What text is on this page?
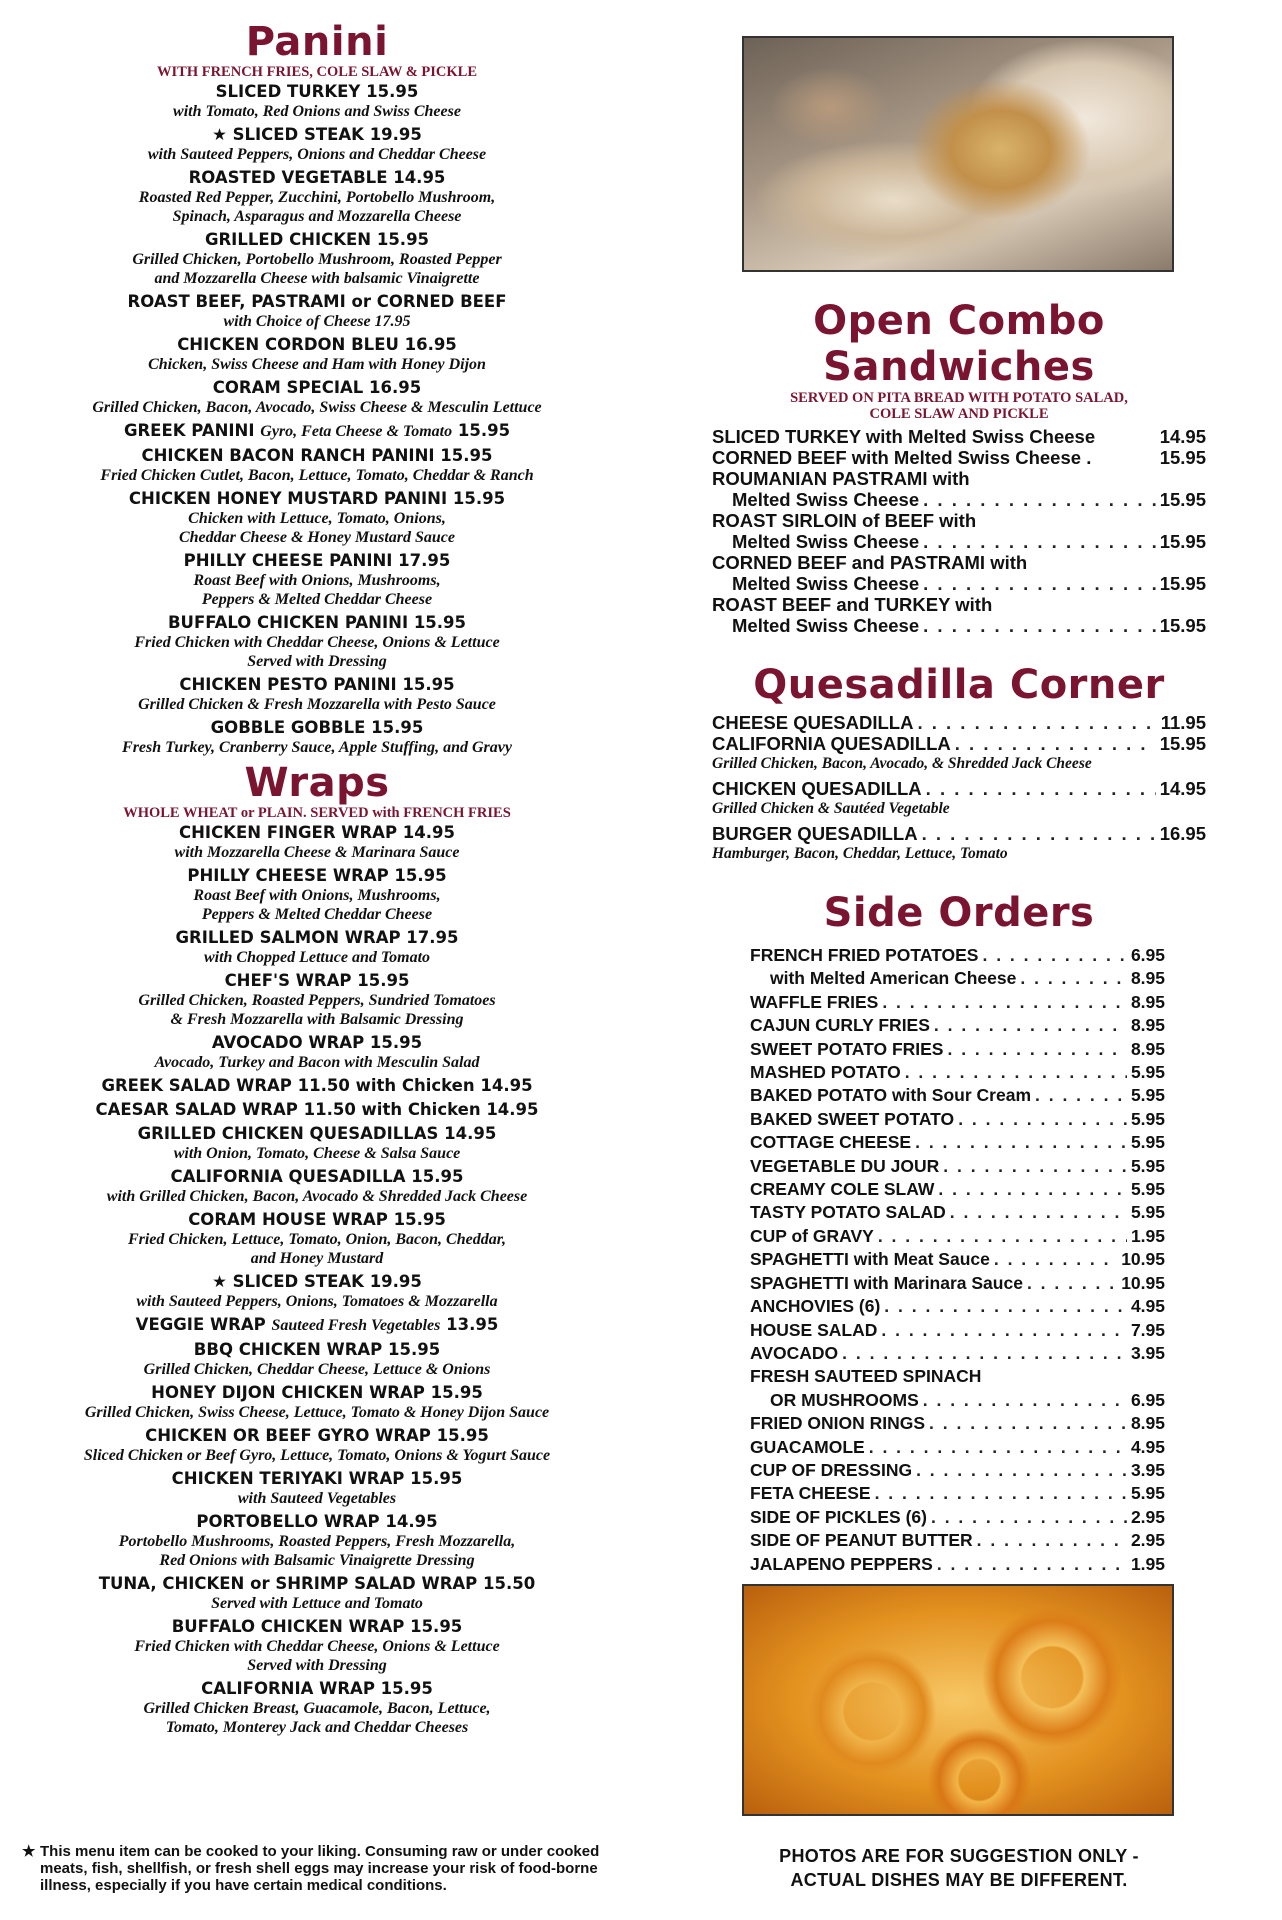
Panini
WITH FRENCH FRIES, COLE SLAW & PICKLE
SLICED TURKEY 15.95
with Tomato, Red Onions and Swiss Cheese
★ SLICED STEAK 19.95
with Sauteed Peppers, Onions and Cheddar Cheese
ROASTED VEGETABLE 14.95
Roasted Red Pepper, Zucchini, Portobello Mushroom,
Spinach, Asparagus and Mozzarella Cheese
GRILLED CHICKEN 15.95
Grilled Chicken, Portobello Mushroom, Roasted Pepper
and Mozzarella Cheese with balsamic Vinaigrette
ROAST BEEF, PASTRAMI or CORNED BEEF
with Choice of Cheese 17.95
CHICKEN CORDON BLEU 16.95
Chicken, Swiss Cheese and Ham with Honey Dijon
CORAM SPECIAL 16.95
Grilled Chicken, Bacon, Avocado, Swiss Cheese & Mesculin Lettuce
GREEK PANINI Gyro, Feta Cheese & Tomato 15.95
CHICKEN BACON RANCH PANINI 15.95
Fried Chicken Cutlet, Bacon, Lettuce, Tomato, Cheddar & Ranch
CHICKEN HONEY MUSTARD PANINI 15.95
Chicken with Lettuce, Tomato, Onions,
Cheddar Cheese & Honey Mustard Sauce
PHILLY CHEESE PANINI 17.95
Roast Beef with Onions, Mushrooms,
Peppers & Melted Cheddar Cheese
BUFFALO CHICKEN PANINI 15.95
Fried Chicken with Cheddar Cheese, Onions & Lettuce
Served with Dressing
CHICKEN PESTO PANINI 15.95
Grilled Chicken & Fresh Mozzarella with Pesto Sauce
GOBBLE GOBBLE 15.95
Fresh Turkey, Cranberry Sauce, Apple Stuffing, and Gravy
Wraps
WHOLE WHEAT or PLAIN. SERVED with FRENCH FRIES
CHICKEN FINGER WRAP 14.95
with Mozzarella Cheese & Marinara Sauce
PHILLY CHEESE WRAP 15.95
Roast Beef with Onions, Mushrooms,
Peppers & Melted Cheddar Cheese
GRILLED SALMON WRAP 17.95
with Chopped Lettuce and Tomato
CHEF'S WRAP 15.95
Grilled Chicken, Roasted Peppers, Sundried Tomatoes
& Fresh Mozzarella with Balsamic Dressing
AVOCADO WRAP 15.95
Avocado, Turkey and Bacon with Mesculin Salad
GREEK SALAD WRAP 11.50 with Chicken 14.95
CAESAR SALAD WRAP 11.50 with Chicken 14.95
GRILLED CHICKEN QUESADILLAS 14.95
with Onion, Tomato, Cheese & Salsa Sauce
CALIFORNIA QUESADILLA 15.95
with Grilled Chicken, Bacon, Avocado & Shredded Jack Cheese
CORAM HOUSE WRAP 15.95
Fried Chicken, Lettuce, Tomato, Onion, Bacon, Cheddar,
and Honey Mustard
★ SLICED STEAK 19.95
with Sauteed Peppers, Onions, Tomatoes & Mozzarella
VEGGIE WRAP Sauteed Fresh Vegetables 13.95
BBQ CHICKEN WRAP 15.95
Grilled Chicken, Cheddar Cheese, Lettuce & Onions
HONEY DIJON CHICKEN WRAP 15.95
Grilled Chicken, Swiss Cheese, Lettuce, Tomato & Honey Dijon Sauce
CHICKEN OR BEEF GYRO WRAP 15.95
Sliced Chicken or Beef Gyro, Lettuce, Tomato, Onions & Yogurt Sauce
CHICKEN TERIYAKI WRAP 15.95
with Sauteed Vegetables
PORTOBELLO WRAP 14.95
Portobello Mushrooms, Roasted Peppers, Fresh Mozzarella,
Red Onions with Balsamic Vinaigrette Dressing
TUNA, CHICKEN or SHRIMP SALAD WRAP 15.50
Served with Lettuce and Tomato
BUFFALO CHICKEN WRAP 15.95
Fried Chicken with Cheddar Cheese, Onions & Lettuce
Served with Dressing
CALIFORNIA WRAP 15.95
Grilled Chicken Breast, Guacamole, Bacon, Lettuce,
Tomato, Monterey Jack and Cheddar Cheeses
Open Combo
Sandwiches
SERVED ON PITA BREAD WITH POTATO SALAD,
COLE SLAW AND PICKLE
SLICED TURKEY with Melted Swiss Cheese	14.95
CORNED BEEF with Melted Swiss Cheese .	15.95
ROUMANIAN PASTRAMI with
Melted Swiss Cheese . . .	15.95
ROAST SIRLOIN of BEEF with
Melted Swiss Cheese . . .	15.95
CORNED BEEF and PASTRAMI with
Melted Swiss Cheese . . .	15.95
ROAST BEEF and TURKEY with
Melted Swiss Cheese . . .	15.95
Quesadilla Corner
CHEESE QUESADILLA . . .	11.95
CALIFORNIA QUESADILLA . . .	15.95
Grilled Chicken, Bacon, Avocado, & Shredded Jack Cheese
CHICKEN QUESADILLA . . .	14.95
Grilled Chicken & Sautéed Vegetable
BURGER QUESADILLA . . .	16.95
Hamburger, Bacon, Cheddar, Lettuce, Tomato
Side Orders
FRENCH FRIED POTATOES . . .	6.95
with Melted American Cheese . . .	8.95
WAFFLE FRIES . . .	8.95
CAJUN CURLY FRIES . . .	8.95
SWEET POTATO FRIES . . .	8.95
MASHED POTATO . . .	5.95
BAKED POTATO with Sour Cream . . .	5.95
BAKED SWEET POTATO . . .	5.95
COTTAGE CHEESE . . .	5.95
VEGETABLE DU JOUR . . .	5.95
CREAMY COLE SLAW . . .	5.95
TASTY POTATO SALAD . . .	5.95
CUP of GRAVY . . .	1.95
SPAGHETTI with Meat Sauce . . .	10.95
SPAGHETTI with Marinara Sauce . . .	10.95
ANCHOVIES (6) . . .	4.95
HOUSE SALAD . . .	7.95
AVOCADO . . .	3.95
FRESH SAUTEED SPINACH
OR MUSHROOMS . . .	6.95
FRIED ONION RINGS . . .	8.95
GUACAMOLE . . .	4.95
CUP OF DRESSING . . .	3.95
FETA CHEESE . . .	5.95
SIDE OF PICKLES (6) . . .	2.95
SIDE OF PEANUT BUTTER . . .	2.95
JALAPENO PEPPERS . . .	1.95
★ This menu item can be cooked to your liking. Consuming raw or under cooked meats, fish, shellfish, or fresh shell eggs may increase your risk of food-borne illness, especially if you have certain medical conditions.
PHOTOS ARE FOR SUGGESTION ONLY -
ACTUAL DISHES MAY BE DIFFERENT.
